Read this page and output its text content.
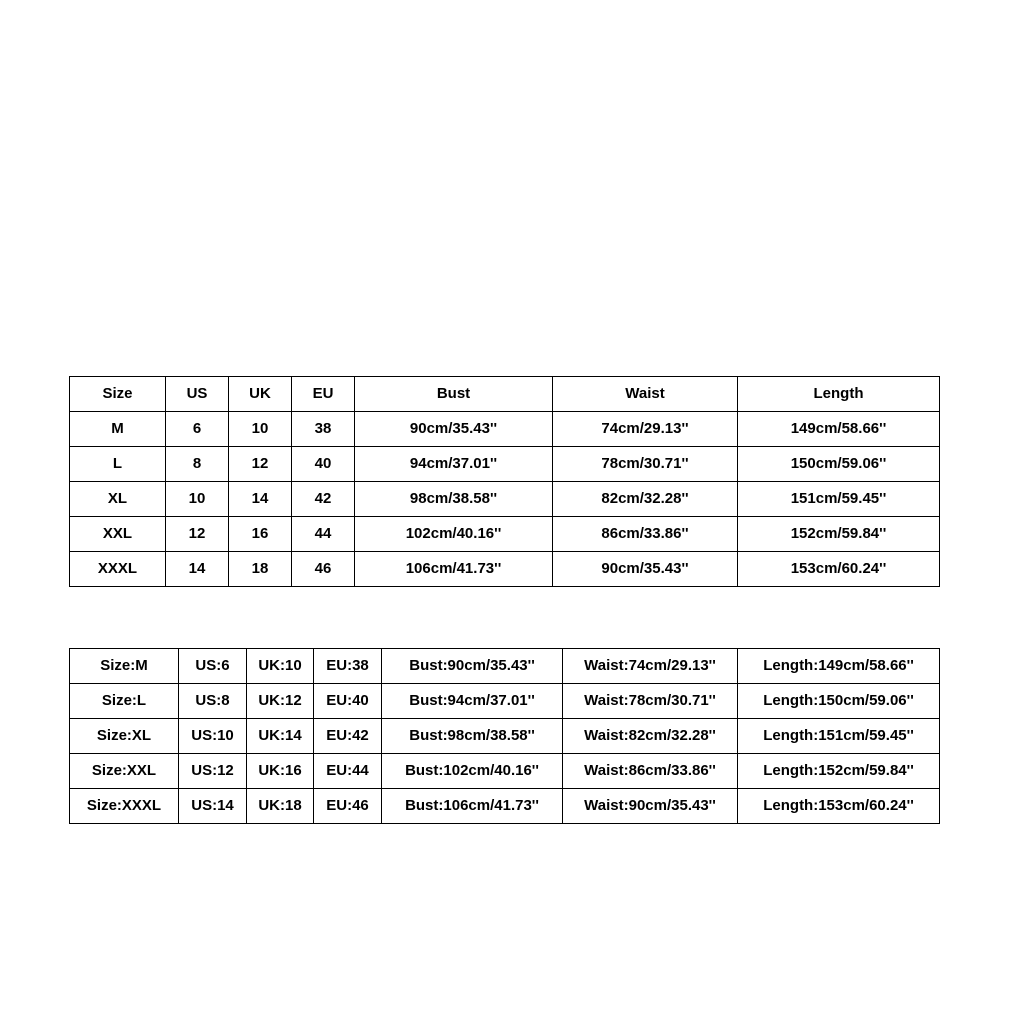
Size	US	UK	EU	Bust	Waist	Length
M	6	10	38	90cm/35.43''	74cm/29.13''	149cm/58.66''
L	8	12	40	94cm/37.01''	78cm/30.71''	150cm/59.06''
XL	10	14	42	98cm/38.58''	82cm/32.28''	151cm/59.45''
XXL	12	16	44	102cm/40.16''	86cm/33.86''	152cm/59.84''
XXXL	14	18	46	106cm/41.73''	90cm/35.43''	153cm/60.24''
Size:M	US:6	UK:10	EU:38	Bust:90cm/35.43''	Waist:74cm/29.13''	Length:149cm/58.66''
Size:L	US:8	UK:12	EU:40	Bust:94cm/37.01''	Waist:78cm/30.71''	Length:150cm/59.06''
Size:XL	US:10	UK:14	EU:42	Bust:98cm/38.58''	Waist:82cm/32.28''	Length:151cm/59.45''
Size:XXL	US:12	UK:16	EU:44	Bust:102cm/40.16''	Waist:86cm/33.86''	Length:152cm/59.84''
Size:XXXL	US:14	UK:18	EU:46	Bust:106cm/41.73''	Waist:90cm/35.43''	Length:153cm/60.24''
